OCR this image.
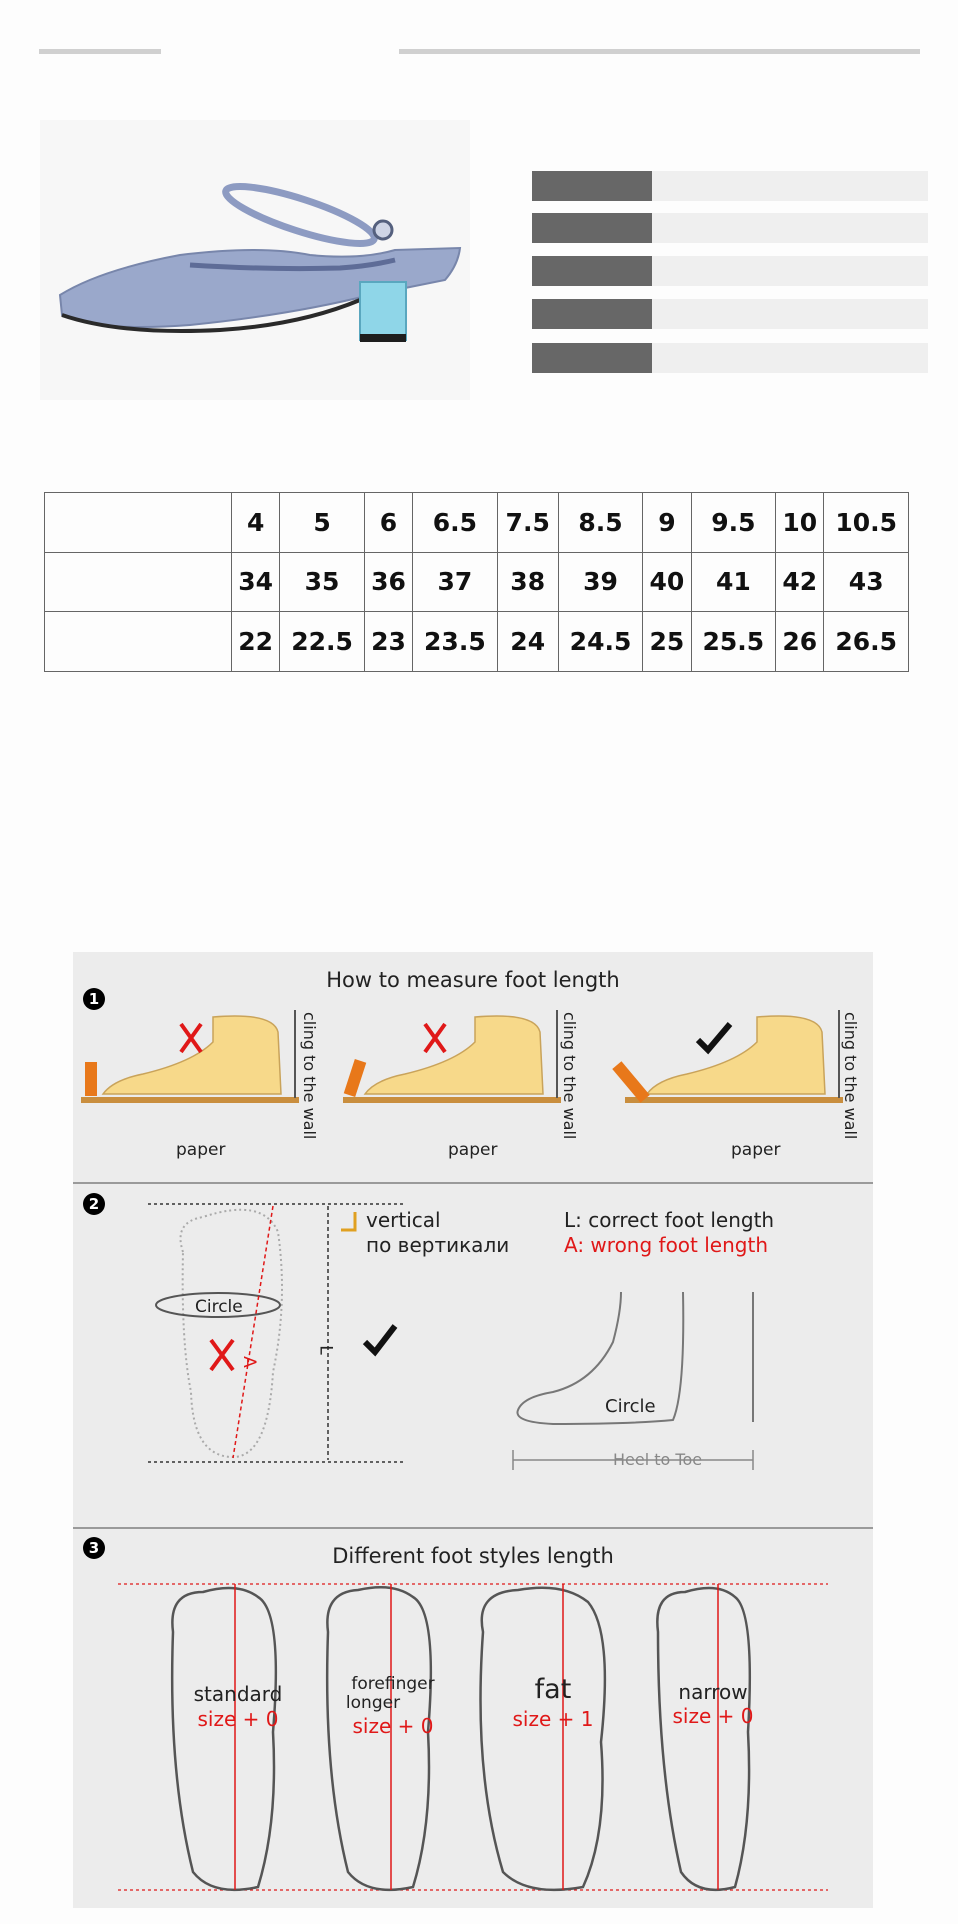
	4	5	6	6.5	7.5	8.5	9	9.5	10	10.5
	34	35	36	37	38	39	40	41	42	43
	22	22.5	23	23.5	24	24.5	25	25.5	26	26.5
1
How to measure foot length
paper	paper	paper
cling to the wall	cling to the wall	cling to the wall
2
Circle
A
L
vertical
по вертикали
L: correct foot length
A: wrong foot length
Circle
Heel to Toe
3	Different foot styles length
standard
size + 0
forefinger
longer
size + 0
fat
size + 1
narrow
size + 0
